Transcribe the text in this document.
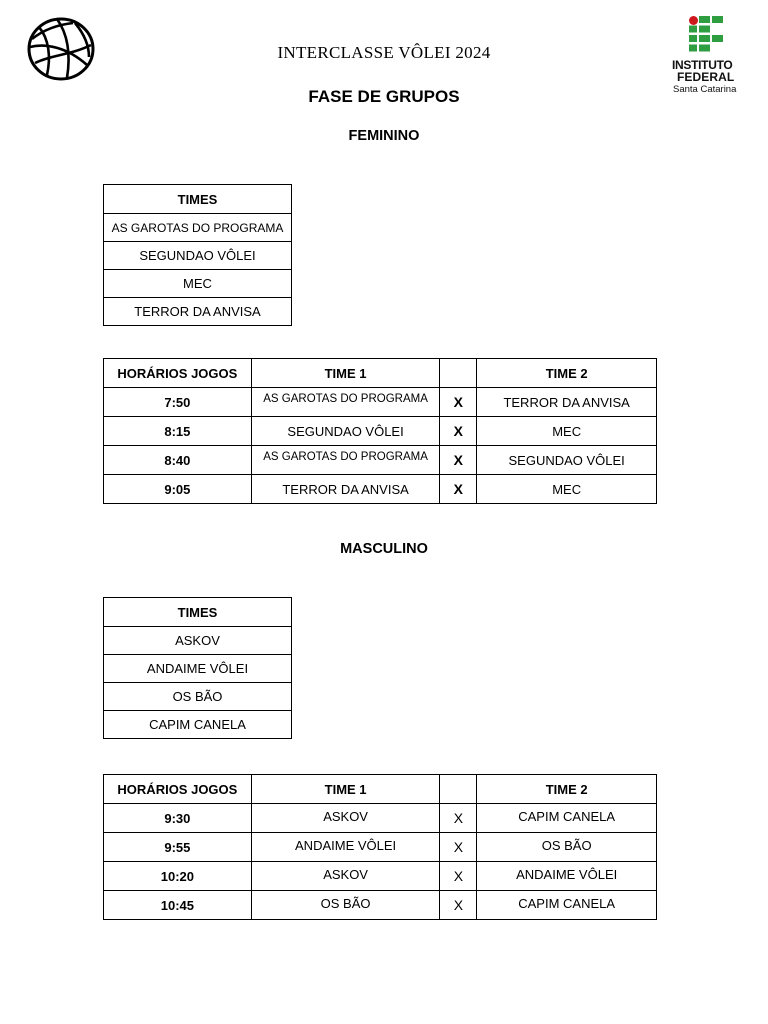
INSTITUTO
FEDERAL
Santa Catarina
INTERCLASSE VÔLEI 2024
FASE DE GRUPOS
FEMININO
TIMES
AS GAROTAS DO PROGRAMA
SEGUNDAO VÔLEI
MEC
TERROR DA ANVISA
HORÁRIOS JOGOS	TIME 1		TIME 2
7:50	AS GAROTAS DO PROGRAMA	X	TERROR DA ANVISA
8:15	SEGUNDAO VÔLEI	X	MEC
8:40	AS GAROTAS DO PROGRAMA	X	SEGUNDAO VÔLEI
9:05	TERROR DA ANVISA	X	MEC
MASCULINO
TIMES
ASKOV
ANDAIME VÔLEI
OS BÃO
CAPIM CANELA
HORÁRIOS JOGOS	TIME 1		TIME 2
9:30	ASKOV	X	CAPIM CANELA
9:55	ANDAIME VÔLEI	X	OS BÃO
10:20	ASKOV	X	ANDAIME VÔLEI
10:45	OS BÃO	X	CAPIM CANELA
